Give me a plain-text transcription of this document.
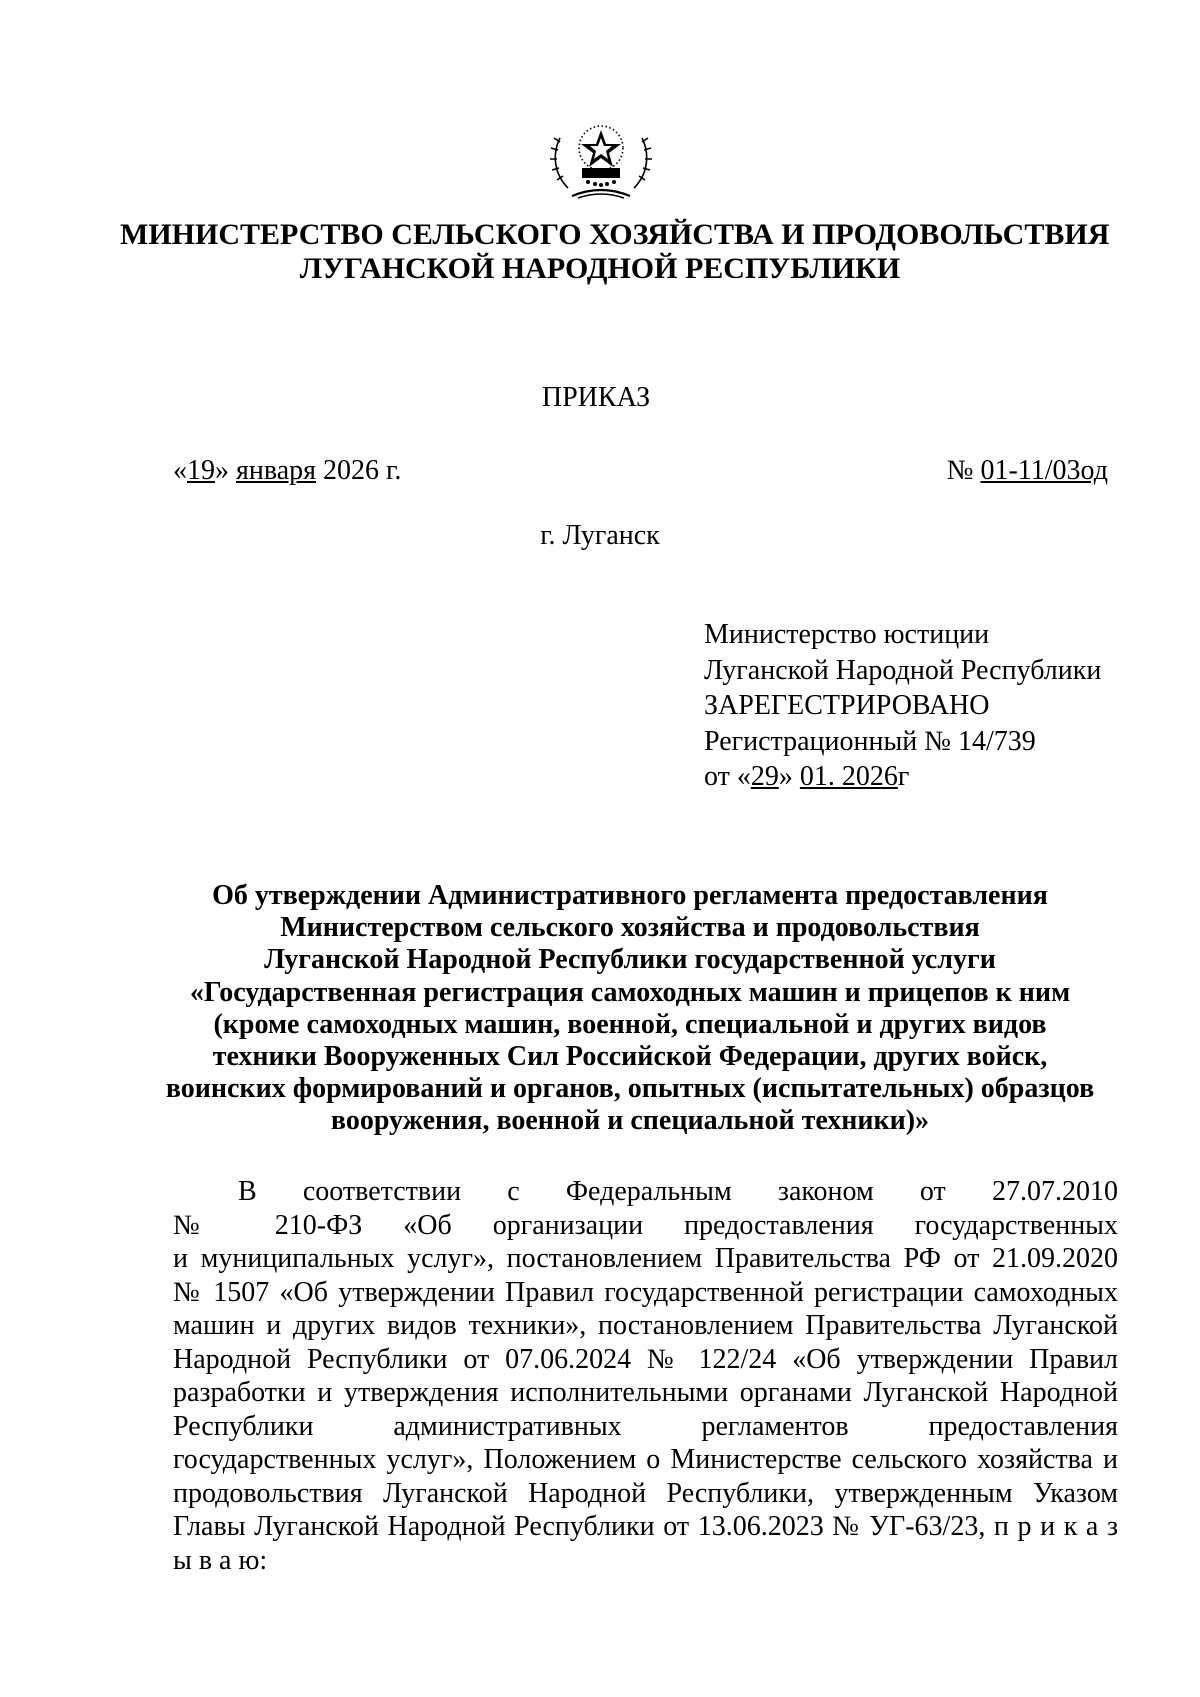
МИНИСТЕРСТВО СЕЛЬСКОГО ХОЗЯЙСТВА И ПРОДОВОЛЬСТВИЯ
ЛУГАНСКОЙ НАРОДНОЙ РЕСПУБЛИКИ
ПРИКАЗ
«19» января 2026 г.	№ 01-11/03од
г. Луганск
Министерство юстиции
Луганской Народной Республики
ЗАРЕГЕСТРИРОВАНО
Регистрационный № 14/739
от «29» 01. 2026г
Об утверждении Административного регламента предоставления
Министерством сельского хозяйства и продовольствия
Луганской Народной Республики государственной услуги
«Государственная регистрация самоходных машин и прицепов к ним
(кроме самоходных машин, военной, специальной и других видов
техники Вооруженных Сил Российской Федерации, других войск,
воинских формирований и органов, опытных (испытательных) образцов
вооружения, военной и специальной техники)»
В соответствии с Федеральным законом от 27.07.2010
№ 210-ФЗ «Об организации предоставления государственных
и муниципальных услуг», постановлением Правительства РФ от 21.09.2020
№ 1507 «Об утверждении Правил государственной регистрации самоходных
машин и других видов техники», постановлением Правительства Луганской
Народной Республики от 07.06.2024 № 122/24 «Об утверждении Правил
разработки и утверждения исполнительными органами Луганской Народной
Республики административных регламентов предоставления
государственных услуг», Положением о Министерстве сельского хозяйства и
продовольствия Луганской Народной Республики, утвержденным Указом
Главы Луганской Народной Республики от 13.06.2023 № УГ-63/23, п р и к а з
ы в а ю:
